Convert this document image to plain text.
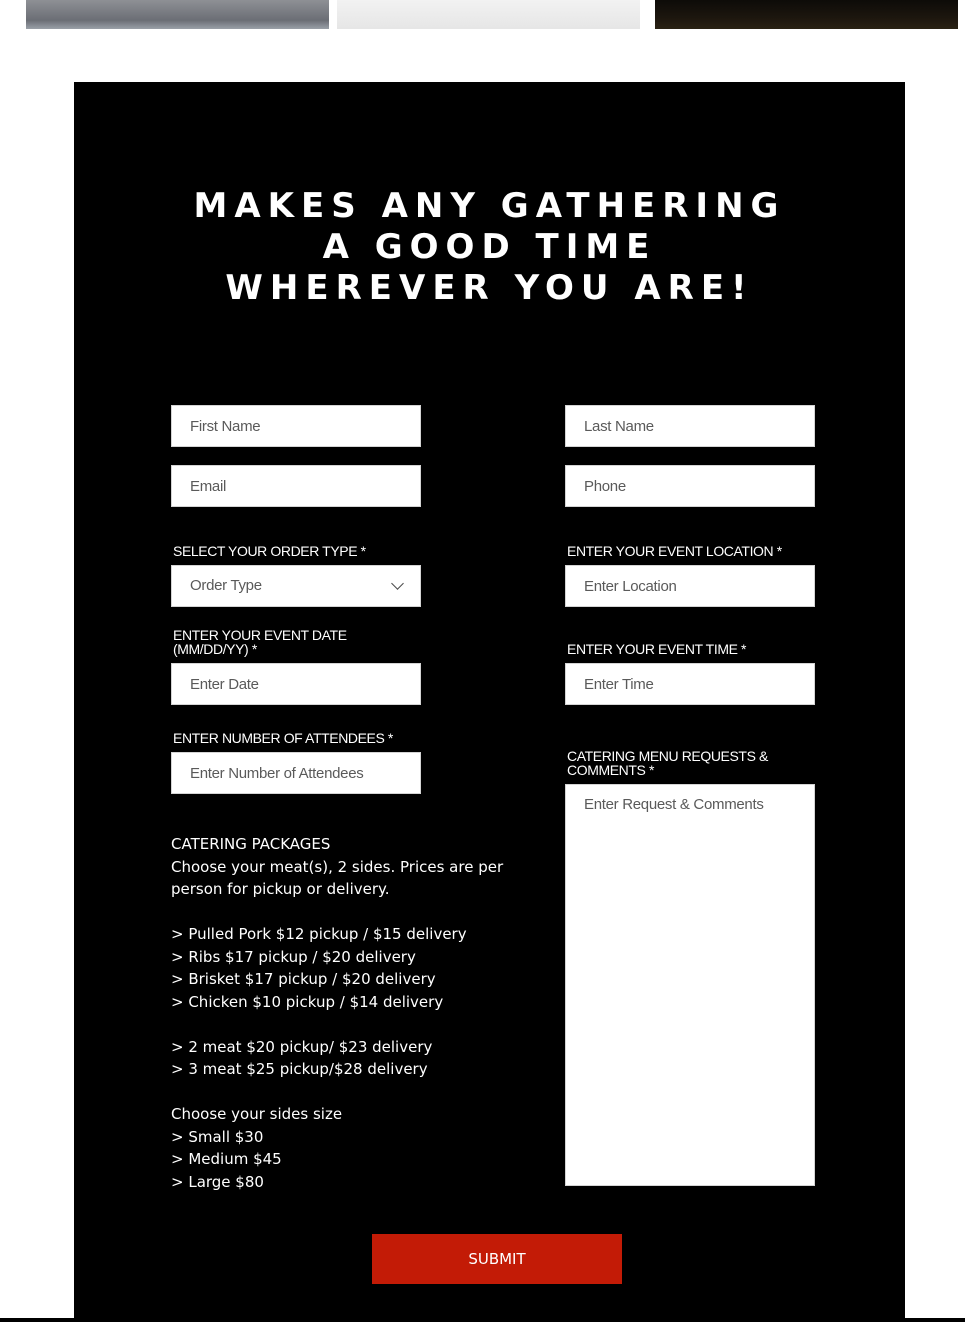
MAKES ANY GATHERING
A GOOD TIME
WHEREVER YOU ARE!
First Name
Last Name
Email
Phone
SELECT YOUR ORDER TYPE *
Order Type
ENTER YOUR EVENT LOCATION *
Enter Location
ENTER YOUR EVENT DATE
(MM/DD/YY) *
Enter Date	ENTER YOUR EVENT TIME *
Enter Time
ENTER NUMBER OF ATTENDEES *
Enter Number of Attendees
CATERING MENU REQUESTS &
COMMENTS *
Enter Request & Comments

CATERING PACKAGES

Choose your meat(s), 2 sides. Prices are per person for pickup or delivery.

> Pulled Pork $12 pickup / $15 delivery

> Ribs $17 pickup / $20 delivery

> Brisket $17 pickup / $20 delivery

> Chicken $10 pickup / $14 delivery

> 2 meat $20 pickup/ $23 delivery

> 3 meat $25 pickup/$28 delivery

Choose your sides size

> Small $30

> Medium $45

> Large $80

SUBMIT
